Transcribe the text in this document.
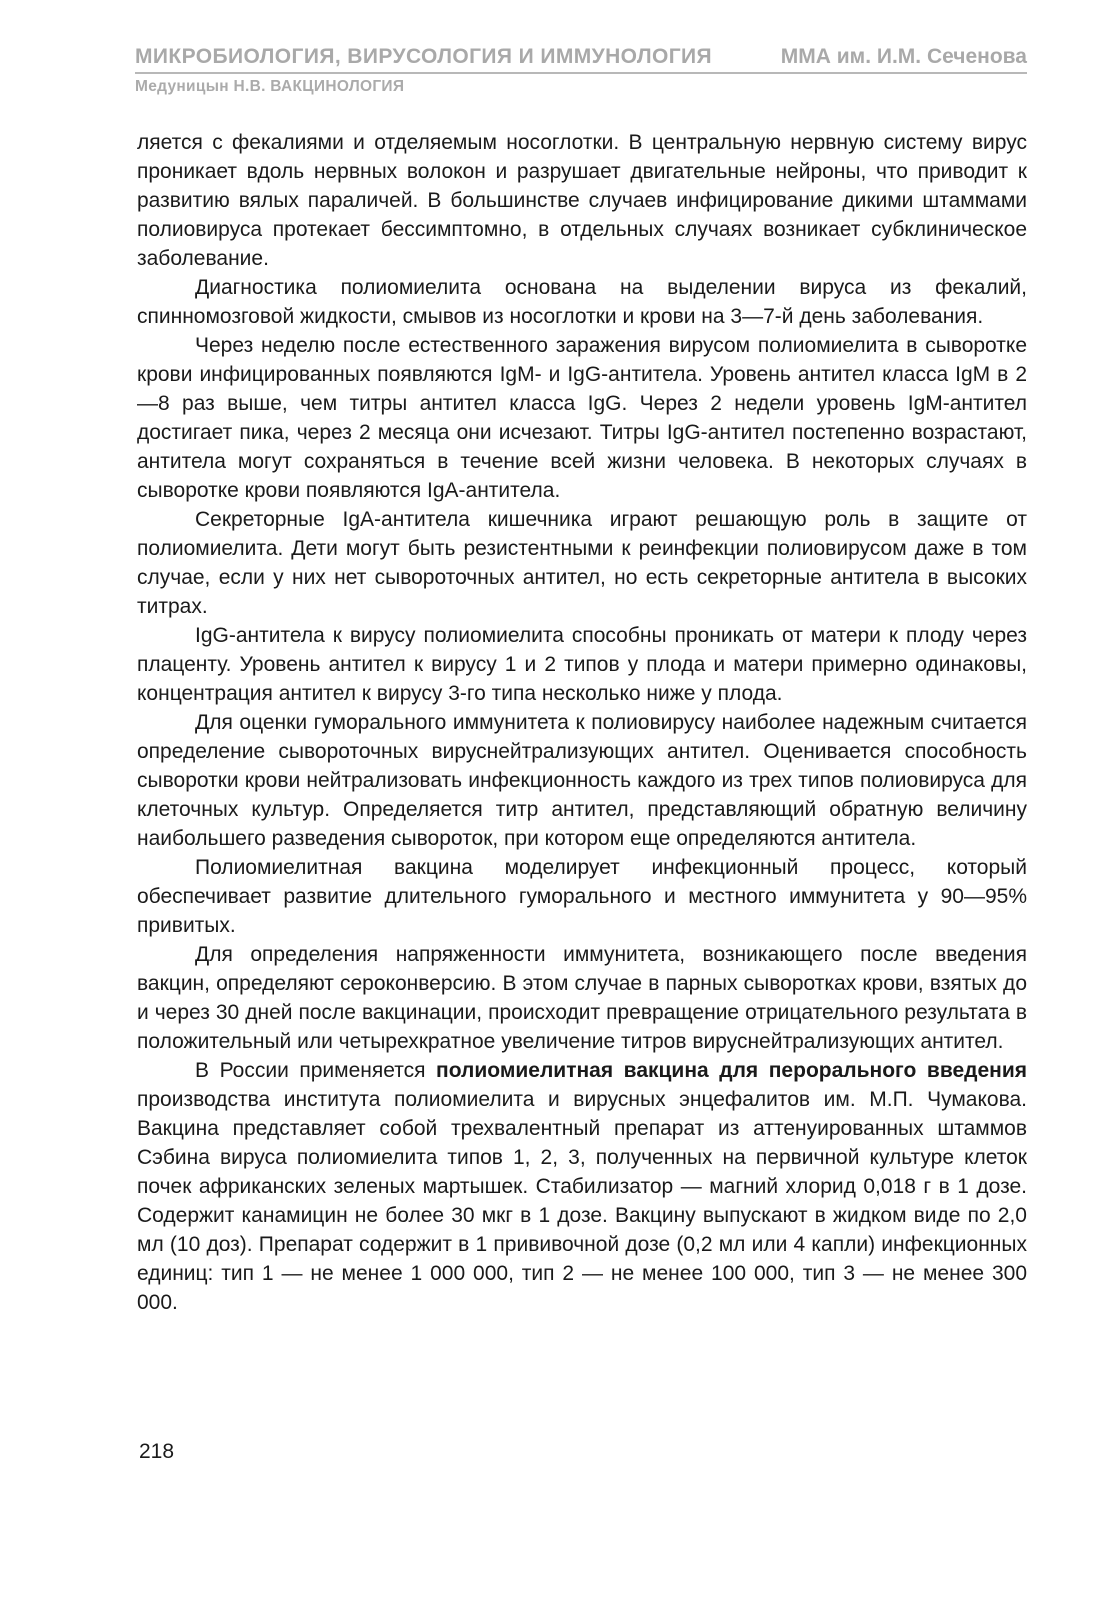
МИКРОБИОЛОГИЯ, ВИРУСОЛОГИЯ И ИММУНОЛОГИЯ	ММА им. И.М. Сеченова
Медуницын Н.В. ВАКЦИНОЛОГИЯ

ляется с фекалиями и отделяемым носоглотки. В центральную нервную систему вирус проникает вдоль нервных волокон и разрушает двигательные нейроны, что приводит к развитию вялых параличей. В большинстве случаев инфицирование дикими штаммами полиовируса протекает бессимптомно, в отдельных случаях возникает субклиническое заболевание.

Диагностика полиомиелита основана на выделении вируса из фекалий, спинномозговой жидкости, смывов из носоглотки и крови на 3—7-й день заболевания.

Через неделю после естественного заражения вирусом полиомиелита в сыворотке крови инфицированных появляются IgM- и IgG-антитела. Уровень антител класса IgM в 2—8 раз выше, чем титры антител класса IgG. Через 2 недели уровень IgM-антител достигает пика, через 2 месяца они исчезают. Титры IgG-антител постепенно возрастают, антитела могут сохраняться в течение всей жизни человека. В некоторых случаях в сыворотке крови появляются IgA-антитела.

Секреторные IgA-антитела кишечника играют решающую роль в защите от полиомиелита. Дети могут быть резистентными к реинфекции полиовирусом даже в том случае, если у них нет сывороточных антител, но есть секреторные антитела в высоких титрах.

IgG-антитела к вирусу полиомиелита способны проникать от матери к плоду через плаценту. Уровень антител к вирусу 1 и 2 типов у плода и матери примерно одинаковы, концентрация антител к вирусу 3-го типа несколько ниже у плода.

Для оценки гуморального иммунитета к полиовирусу наиболее надежным считается определение сывороточных вируснейтрализующих антител. Оценивается способность сыворотки крови нейтрализовать инфекционность каждого из трех типов полиовируса для клеточных культур. Определяется титр антител, представляющий обратную величину наибольшего разведения сывороток, при котором еще определяются антитела.

Полиомиелитная вакцина моделирует инфекционный процесс, который обеспечивает развитие длительного гуморального и местного иммунитета у 90—95% привитых.

Для определения напряженности иммунитета, возникающего после введения вакцин, определяют сероконверсию. В этом случае в парных сыворотках крови, взятых до и через 30 дней после вакцинации, происходит превращение отрицательного результата в положительный или четырехкратное увеличение титров вируснейтрализующих антител.

В России применяется полиомиелитная вакцина для перорального введения производства института полиомиелита и вирусных энцефалитов им. М.П. Чумакова. Вакцина представляет собой трехвалентный препарат из аттенуированных штаммов Сэбина вируса полиомиелита типов 1, 2, 3, полученных на первичной культуре клеток почек африканских зеленых мартышек. Стабилизатор — магний хлорид 0,018 г в 1 дозе. Содержит канамицин не более 30 мкг в 1 дозе. Вакцину выпускают в жидком виде по 2,0 мл (10 доз). Препарат содержит в 1 прививочной дозе (0,2 мл или 4 капли) инфекционных единиц: тип 1 — не менее 1 000 000, тип 2 — не менее 100 000, тип 3 — не менее 300 000.

218
